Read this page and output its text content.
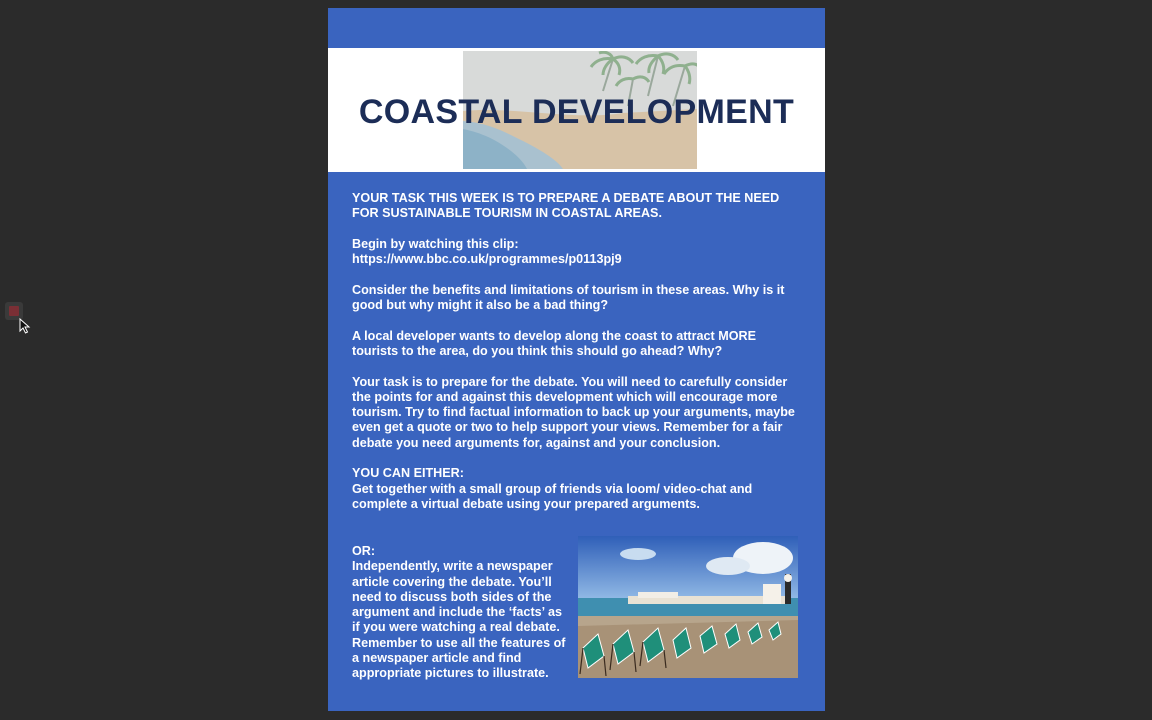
COASTAL DEVELOPMENT

YOUR TASK THIS WEEK IS TO PREPARE A DEBATE ABOUT THE NEED FOR SUSTAINABLE TOURISM IN COASTAL AREAS.

Begin by watching this clip:
https://www.bbc.co.uk/programmes/p0113pj9

Consider the benefits and limitations of tourism in these areas. Why is it good but why might it also be a bad thing?

A local developer wants to develop along the coast to attract MORE tourists to the area, do you think this should go ahead? Why?

Your task is to prepare for the debate. You will need to carefully consider the points for and against this development which will encourage more tourism. Try to find factual information to back up your arguments, maybe even get a quote or two to help support your views. Remember for a fair debate you need arguments for, against and your conclusion.

YOU CAN EITHER:
Get together with a small group of friends via loom/ video-chat and complete a virtual debate using your prepared arguments.

OR:
Independently, write a newspaper article covering the debate. You’ll need to discuss both sides of the argument and include the ‘facts’ as if you were watching a real debate. Remember to use all the features of a newspaper article and find appropriate pictures to illustrate.
